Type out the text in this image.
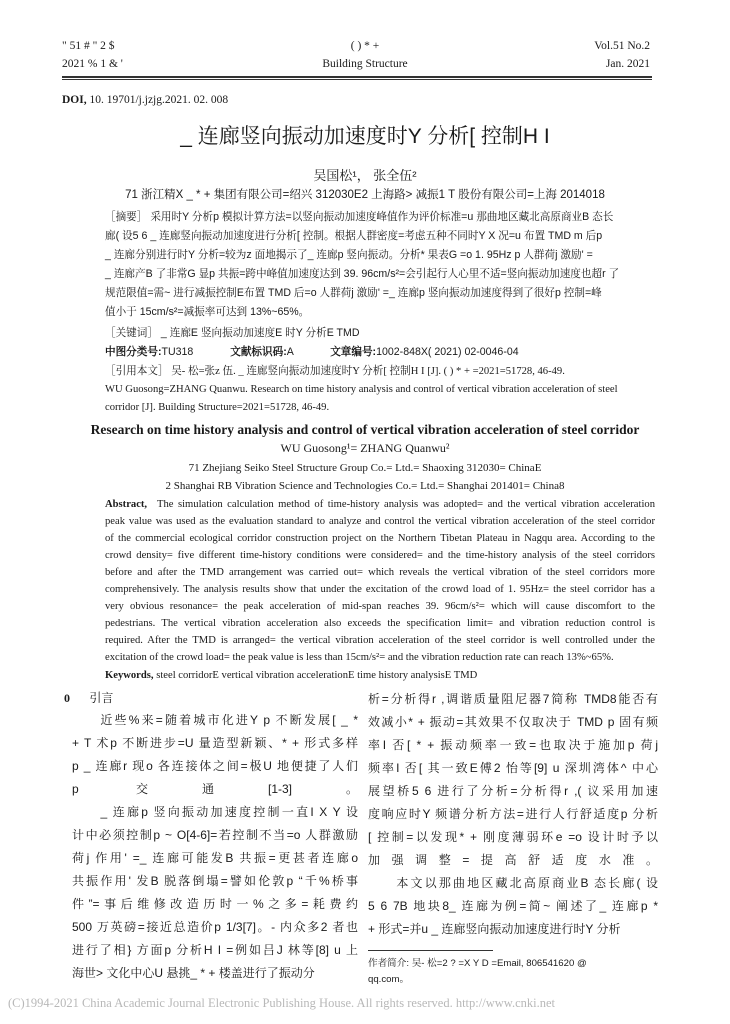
" 51 # " 2 $
2021 % 1 & '
( ) * +
Building Structure
Vol.51 No.2
Jan. 2021
DOI, 10. 19701/j.jzjg.2021. 02. 008
_ 连廊竖向振动加速度时Y 分析[ 控制H I
吴国松¹， 张全伍²
71 浙江精X _ * + 集团有限公司=绍兴 312030E2 上海路> 减振1 T 股份有限公司=上海 2014018
［摘要］ 采用时Y 分析p 模拟计算方法=以竖向振动加速度峰值作为评价标准=u 那曲地区藏北高原商业B 态长
廊( 设5 6 _ 连廊竖向振动加速度进行分析[ 控制。根据人群密度=考虑五种不同时Y X 况=u 布置 TMD m 后p
_ 连廊分别进行时Y 分析=较为z 面地揭示了_ 连廊p 竖向振动。分析* 果表G =o 1. 95Hz p 人群荷j 激励' =
_ 连廊产B 了非常G 显p 共振=跨中峰值加速度达到 39. 96cm/s²=会引起行人心里不适=竖向振动加速度也超r 了
规范限值=需~ 进行减振控制E布置 TMD 后=o 人群荷j 激励' =_ 连廊p 竖向振动加速度得到了很好p 控制=峰
值小于 15cm/s²=减振率可达到 13%~65%。
［关键词］ _ 连廊E 竖向振动加速度E 时Y 分析E TMD
中图分类号:TU318	文献标识码:A	文章编号:1002-848X( 2021) 02-0046-04
［引用本文］ 吴- 松=张z 伍. _ 连廊竖向振动加速度时Y 分析[ 控制H I [J]. ( ) * + =2021=51728, 46-49.
WU Guosong=ZHANG Quanwu. Research on time history analysis and control of vertical vibration acceleration of steel
corridor [J]. Building Structure=2021=51728, 46-49.
Research on time history analysis and control of vertical vibration acceleration of steel corridor
WU Guosong¹= ZHANG Quanwu²
71 Zhejiang Seiko Steel Structure Group Co.= Ltd.= Shaoxing 312030= ChinaE
2 Shanghai RB Vibration Science and Technologies Co.= Ltd.= Shanghai 201401= China8
Abstract, The simulation calculation method of time-history analysis was adopted= and the vertical vibration acceleration
peak value was used as the evaluation standard to analyze and control the vertical vibration acceleration of the steel corridor
of the commercial ecological corridor construction project on the Northern Tibetan Plateau in Nagqu area. According to the
crowd density= five different time-history conditions were considered= and the time-history analysis of the steel corridors
before and after the TMD arrangement was carried out= which reveals the vertical vibration of the steel corridors more
comprehensively. The analysis results show that under the excitation of the crowd load of 1. 95Hz= the steel corridor has a
very obvious resonance= the peak acceleration of mid-span reaches 39. 96cm/s²= which will cause discomfort to the
pedestrians. The vertical vibration acceleration also exceeds the specification limit= and vibration reduction control is
required. After the TMD is arranged= the vertical vibration acceleration of the steel corridor is well controlled under the
excitation of the crowd load= the peak value is less than 15cm/s²= and the vibration reduction rate can reach 13%~65%.
Keywords, steel corridorE vertical vibration accelerationE time history analysisE TMD
0 引言
　　近些%来=随着城市化进Y p 不断发展[ _ *
+ T 术p 不断进步=U 量造型新颖、* + 形式多样
p _ 连廊r 现o 各连接体之间=极U 地便捷了人们
p 交通[1-3]。
　　_ 连廊p 竖向振动加速度控制一直I X Y 设
计中必须控制p ~ O[4-6]=若控制不当=o 人群激励
荷j 作用' =_ 连廊可能发B 共振=更甚者连廊o
共振作用' 发B 脱落倒塌=譬如伦敦p “千%桥事
件”=事后维修改造历时一%之多=耗费约
500 万英磅=接近总造价p 1/3[7]。- 内众多2 者也
进行了相} 方面p 分析H I =例如吕J 林等[8] u 上
海世> 文化中心U 悬挑_ * + 楼盖进行了振动分
析=分析得r ,调谐质量阻尼器7简称 TMD8能否有
效减小* + 振动=其效果不仅取决于 TMD p 固有频
率I 否[ * + 振动频率一致=也取决于施加p 荷j
频率I 否[ 其一致E傅2 怡等[9] u 深圳湾体^ 中心
展望桥5 6 进行了分析=分析得r ,( 议采用加速
度响应时Y 频谱分析方法=进行人行舒适度p 分析
[ 控制=以发现* + 刚度薄弱环e =o 设计时予以
加强调整=提高舒适度水准。
　　本文以那曲地区藏北高原商业B 态长廊( 设
5 6 7B 地块8_ 连廊为例=简~ 阐述了_ 连廊p *
+ 形式=并u _ 连廊竖向振动加速度进行时Y 分析
作者简介: 吴- 松=2 ? =X Y D =Email, 806541620 @
qq.com。
(C)1994-2021 China Academic Journal Electronic Publishing House. All rights reserved. http://www.cnki.net
